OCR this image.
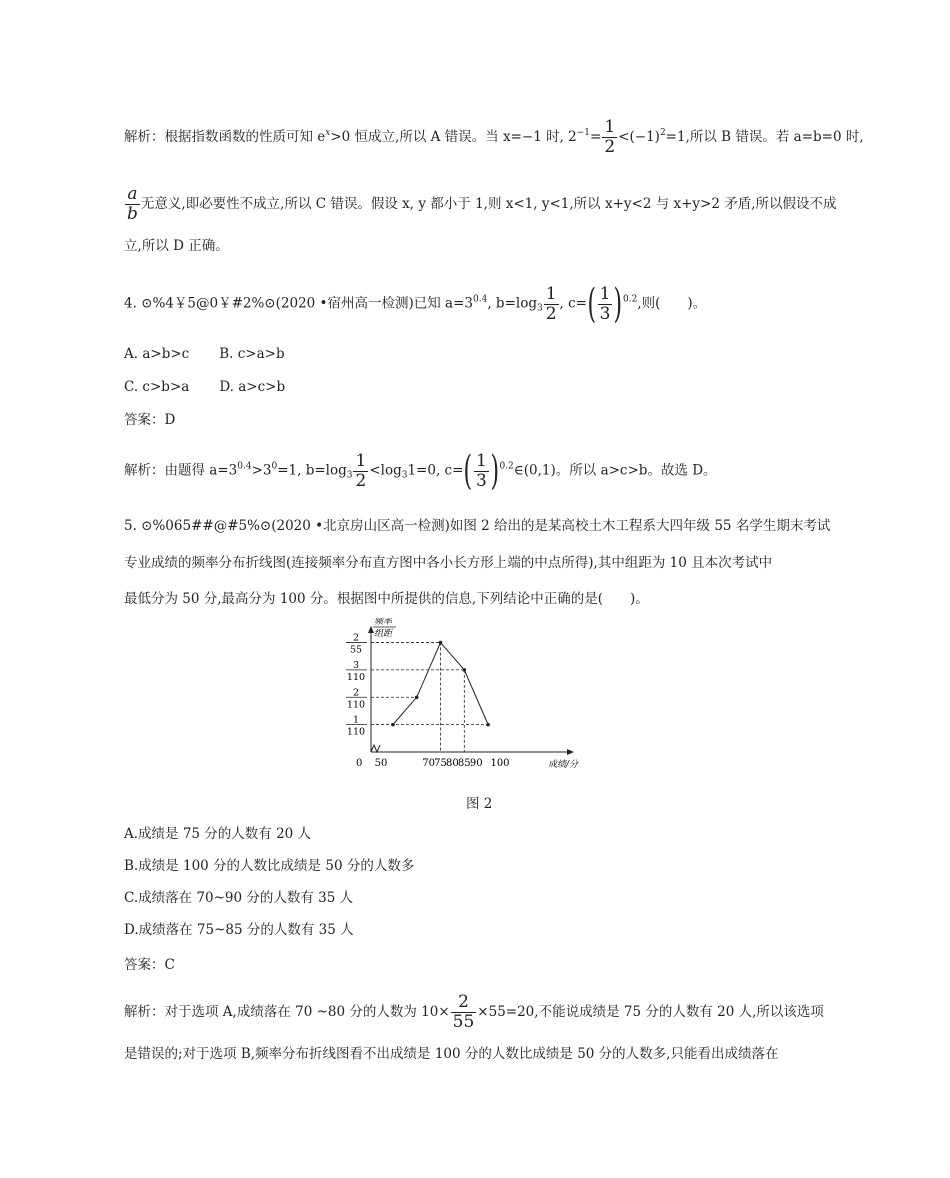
解析：根据指数函数的性质可知 $e^x>0$ 恒成立,所以 A 错误。当 x=−1 时, $2^{-1}= \frac{1}{2} <(-1)^2=1$,所以 B 错误。若 a=b=0 时,
$\frac{a}{b}$ 无意义,即必要性不成立,所以 C 错误。假设 x, y 都小于 1,则 x<1, y<1,所以 x+y<2 与 x+y>2 矛盾,所以假设不成
立,所以 D 正确。
4. ⊙%4￥5@0￥#2%⊙(2020 •宿州高一检测)已知 $a=3^{0.4}$, $b=\log_3 \frac{1}{2}$ , $c=( \frac{1}{3} )^{0.2}$,则(　　)。
A. a>b>c B. c>a>b
C. c>b>a D. a>c>b
答案：D
解析：由题得 $a=3^{0.4}>3^0=1$, $b=\log_3 \frac{1}{2} <\log_31=0$, $c=( \frac{1}{3}$ )$^{0.2}\in(0,1)$。所以 a>c>b。故选 D。
5. ⊙%065##@#5%⊙(2020 •北京房山区高一检测)如图 2 给出的是某高校土木工程系大四年级 55 名学生期末考试
专业成绩的频率分布折线图(连接频率分布直方图中各小长方形上端的中点所得),其中组距为 10 且本次考试中
最低分为 50 分,最高分为 100 分。根据图中所提供的信息,下列结论中正确的是(　　)。
频率
组距
成绩/分
0 50	70 75 80 85 90 100
1
110
2
110
3
110
2
55
图 2
A.成绩是 75 分的人数有 20 人
B.成绩是 100 分的人数比成绩是 50 分的人数多
C.成绩落在 70~90 分的人数有 35 人
D.成绩落在 75~85 分的人数有 35 人
答案：C
解析：对于选项 A,成绩落在 70 ~80 分的人数为 $10\times \frac{2}{55} \times 55=20$,不能说成绩是 75 分的人数有 20 人,所以该选项
是错误的;对于选项 B,频率分布折线图看不出成绩是 100 分的人数比成绩是 50 分的人数多,只能看出成绩落在
